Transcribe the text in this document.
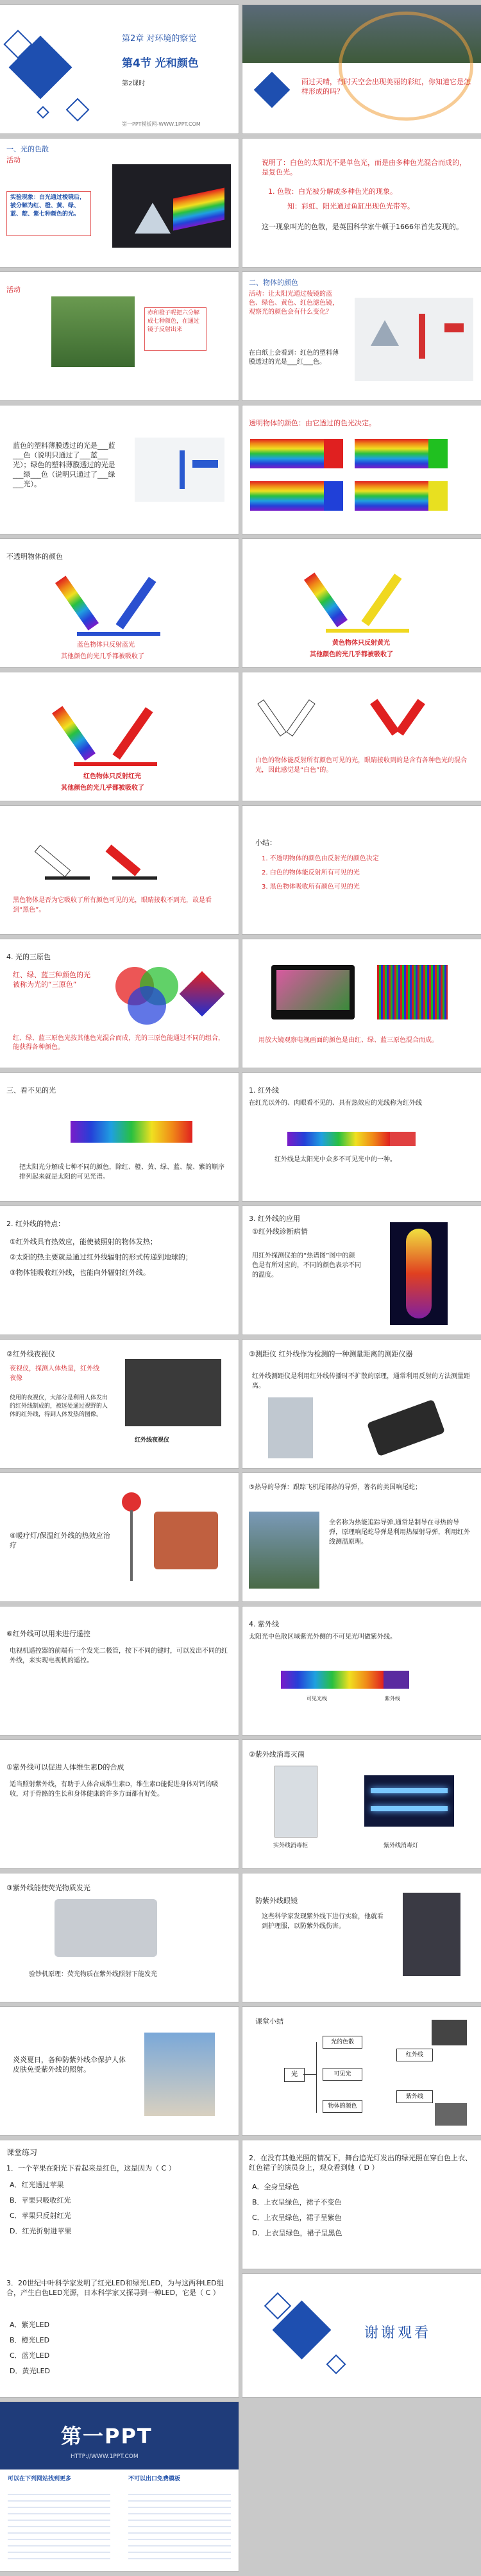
第2章 对环境的察觉
第4节 光和颜色
第2课时
第一PPT模板网-WWW.1PPT.COM
雨过天晴，有时天空会出现美丽的彩虹，你知道它是怎样形成的吗？
一、光的色散
活动
实验现象：白光通过棱镜后，被分解为红、橙、黄、绿、蓝、靛、紫七种颜色的光。
说明了：白色的太阳光不是单色光，而是由多种色光混合而成的，是复色光。
1. 色散：白光被分解成多种色光的现象。
知：彩虹、阳光通过鱼缸出现色光带等。
这一现象叫光的色散，是英国科学家牛顿于1666年首先发现的。
活动
赤和橙子呢把六分解成七种颜色，在通过镜子反射出来
二、物体的颜色
活动：让太阳光通过棱镜的蓝色、绿色、黄色、红色滤色镜，观察光的颜色会有什么变化？
在白纸上会看到：红色的塑料薄膜透过的光是___红___色。
蓝色的塑料薄膜透过的光是___蓝___色（说明只通过了___蓝___光）；绿色的塑料薄膜透过的光是___绿___色（说明只通过了___绿___光）。
透明物体的颜色：由它透过的色光决定。
不透明物体的颜色
蓝色物体只反射蓝光
其他颜色的光几乎都被吸收了
黄色物体只反射黄光
其他颜色的光几乎都被吸收了
红色物体只反射红光
其他颜色的光几乎都被吸收了
白色的物体能反射所有颜色可见的光，眼睛接收到的是含有各种色光的混合光，因此感觉是“白色”的。
黑色物体是否为它吸收了所有颜色可见的光，眼睛接收不到光，故是看到“黑色”。
小结：
1. 不透明物体的颜色由反射光的颜色决定
2. 白色的物体能反射所有可见的光
3. 黑色物体吸收所有颜色可见的光
4. 光的三原色
红、绿、蓝三种颜色的光被称为光的“三原色”
红、绿、蓝三原色光按其他色光混合而成，光的三原色能通过不同的组合，能获得各种颜色。
用放大镜观察电视画面的颜色是由红、绿、蓝三原色混合而成。
三、看不见的光
把太阳光分解成七种不同的颜色，除红、橙、黄、绿、蓝、靛、紫的顺序排列起来就是太阳的可见光谱。
1. 红外线
在红光以外的、肉眼看不见的、具有热效应的光线称为红外线
红外线是太阳光中众多不可见光中的一种。
2. 红外线的特点：
①红外线具有热效应，能使被照射的物体发热；
②太阳的热主要就是通过红外线辐射的形式传递到地球的；
③物体能吸收红外线，也能向外辐射红外线。
3. 红外线的应用
①红外线诊断病情
用红外探测仪拍的“热谱图”图中的颜色是有所对应的，不同的颜色表示不同的温度。
②红外线夜视仪
夜视仪，探测人体热量，红外线夜像
使用的夜视仪，大部分是利用人体发出的红外线制成的，被远处通过视野的人体的红外线，得到人体发热的图像。
红外线夜视仪
③测距仪 红外线作为检测的一种测量距离的测距仪器
红外线测距仪是利用红外线传播时不扩散的原理，通常利用反射的方法测量距离。
④暖疗灯/保温红外线的热效应治疗
⑤热导的导弹：跟踪飞机尾部热的导弹，著名的美国响尾蛇；
全名称为热能追踪导弹,通常是制导在寻热的导弹，原理响尾蛇导弹是利用热辐射导弹，利用红外线测温原理。
⑥红外线可以用来进行遥控
电视机遥控器的前端有一个发光二极管，按下不同的键时，可以发出不同的红外线，来实现电视机的遥控。
4. 紫外线
太阳光中色散区域紫光外侧的不可见光叫做紫外线。
可见光线	紫外线
①紫外线可以促进人体维生素D的合成
适当照射紫外线，有助于人体合成维生素D，维生素D能促进身体对钙的吸收，对于骨骼的生长和身体健康的许多方面都有好处。
②紫外线消毒灭菌
实外线消毒柜	紫外线消毒灯
③紫外线能使荧光物质发光
验钞机原理：荧光物质在紫外线照射下能发光
防紫外线眼镜
这些科学家发现紫外线下进行实验，他就看到护理服，以防紫外线伤害。
炎炎夏日，各种防紫外线伞保护人体皮肤免受紫外线的照射。
课堂小结
光
光的色散
可见光
物体的颜色
红外线
紫外线
课堂练习
1．一个苹果在阳光下看起来是红色，这是因为（ C ）
A．红光透过苹果
B．苹果只吸收红光
C．苹果只反射红光
D．红光折射进苹果
3．20世纪中叶科学家发明了红光LED和绿光LED，为与这两种LED组合，产生白色LED光源，日本科学家又探寻到一种LED，它是（ C ）
A．紫光LED
B．橙光LED
C．蓝光LED
D．黄光LED
2．在没有其他光照的情况下，舞台追光灯发出的绿光照在穿白色上衣、红色裙子的演员身上，观众看到她（ D ）
A．全身呈绿色
B．上衣呈绿色，裙子不变色
C．上衣呈绿色，裙子呈紫色
D．上衣呈绿色，裙子呈黑色
谢谢观看
第一PPT
HTTP://WWW.1PPT.COM
可以在下列网站找到更多	不可以出口免费模板
